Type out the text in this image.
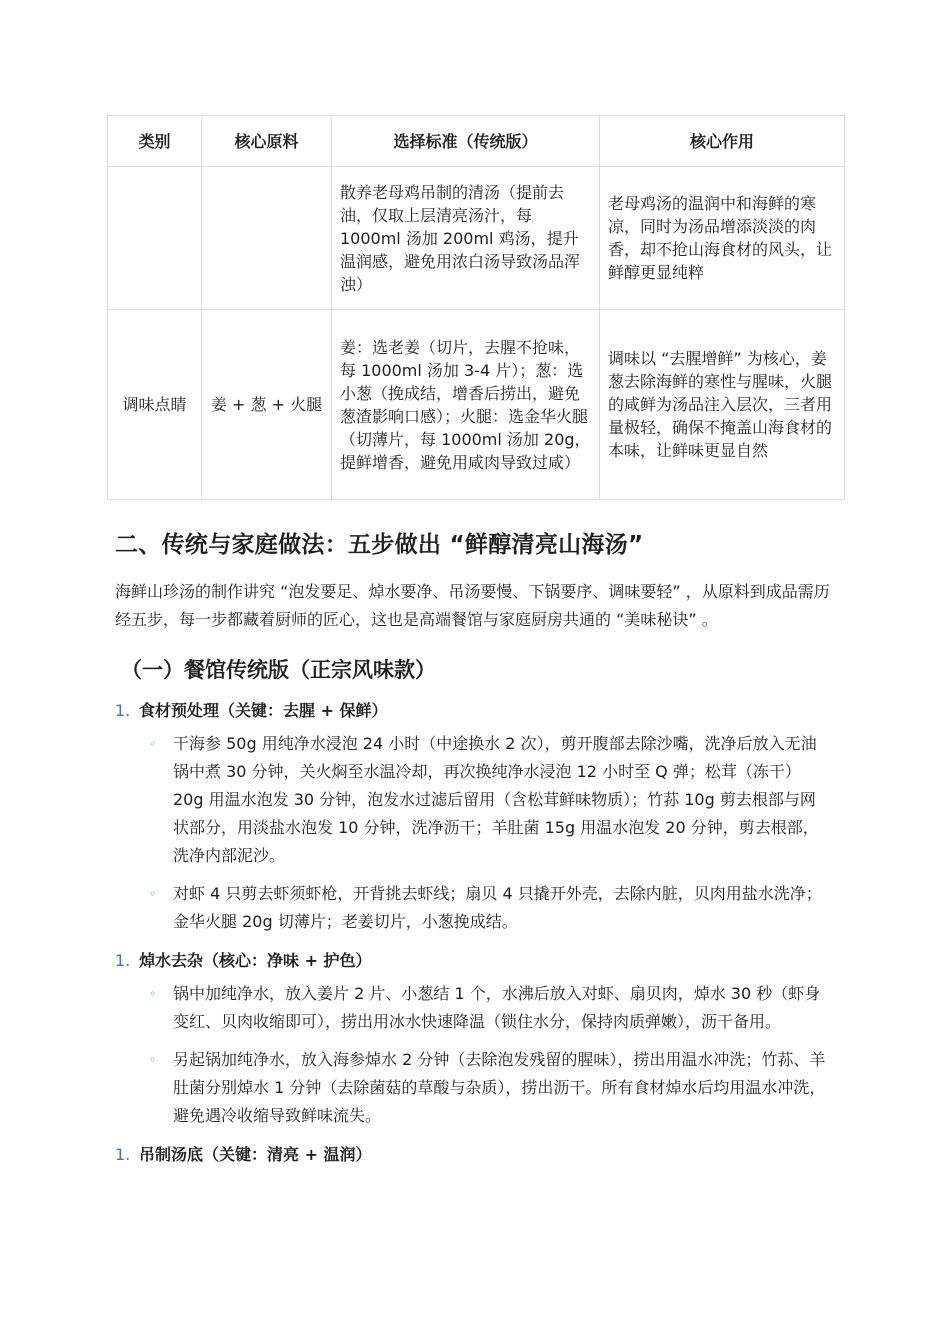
类别	核心原料	选择标准（传统版）	核心作用
		散养老母鸡吊制的清汤（提前去油，仅取上层清亮汤汁，每 1000ml 汤加 200ml 鸡汤，提升温润感，避免用浓白汤导致汤品浑浊）	老母鸡汤的温润中和海鲜的寒凉，同时为汤品增添淡淡的肉香，却不抢山海食材的风头，让鲜醇更显纯粹
调味点睛	姜 + 葱 + 火腿	姜：选老姜（切片，去腥不抢味，每 1000ml 汤加 3-4 片）；葱：选小葱（挽成结，增香后捞出，避免葱渣影响口感）；火腿：选金华火腿（切薄片，每 1000ml 汤加 20g，提鲜增香，避免用咸肉导致过咸）	调味以 “去腥增鲜” 为核心，姜葱去除海鲜的寒性与腥味，火腿的咸鲜为汤品注入层次，三者用量极轻，确保不掩盖山海食材的本味，让鲜味更显自然
二、传统与家庭做法：五步做出 “鲜醇清亮山海汤”

海鲜山珍汤的制作讲究 “泡发要足、焯水要净、吊汤要慢、下锅要序、调味要轻” ，从原料到成品需历经五步，每一步都藏着厨师的匠心，这也是高端餐馆与家庭厨房共通的 “美味秘诀” 。

（一）餐馆传统版（正宗风味款）
1. 食材预处理（关键：去腥 + 保鲜）
◦	干海参 50g 用纯净水浸泡 24 小时（中途换水 2 次），剪开腹部去除沙嘴，洗净后放入无油锅中煮 30 分钟，关火焖至水温冷却，再次换纯净水浸泡 12 小时至 Q 弹；松茸（冻干）20g 用温水泡发 30 分钟，泡发水过滤后留用（含松茸鲜味物质）；竹荪 10g 剪去根部与网状部分，用淡盐水泡发 10 分钟，洗净沥干；羊肚菌 15g 用温水泡发 20 分钟，剪去根部，洗净内部泥沙。
◦	对虾 4 只剪去虾须虾枪，开背挑去虾线；扇贝 4 只撬开外壳，去除内脏，贝肉用盐水洗净；金华火腿 20g 切薄片；老姜切片，小葱挽成结。
1. 焯水去杂（核心：净味 + 护色）
◦	锅中加纯净水，放入姜片 2 片、小葱结 1 个，水沸后放入对虾、扇贝肉，焯水 30 秒（虾身变红、贝肉收缩即可），捞出用冰水快速降温（锁住水分，保持肉质弹嫩），沥干备用。
◦	另起锅加纯净水，放入海参焯水 2 分钟（去除泡发残留的腥味），捞出用温水冲洗；竹荪、羊肚菌分别焯水 1 分钟（去除菌菇的草酸与杂质），捞出沥干。所有食材焯水后均用温水冲洗，避免遇冷收缩导致鲜味流失。
1. 吊制汤底（关键：清亮 + 温润）
